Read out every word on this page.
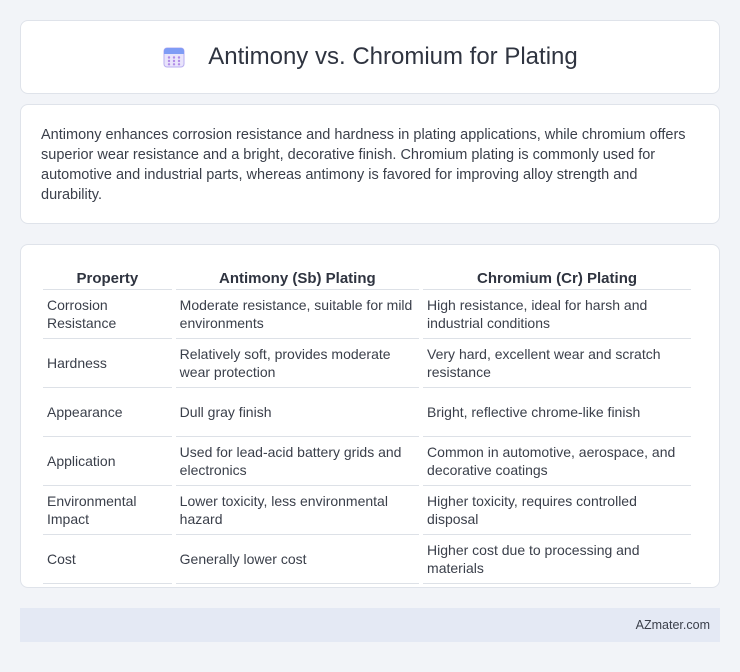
Antimony vs. Chromium for Plating

Antimony enhances corrosion resistance and hardness in plating applications, while chromium offers superior wear resistance and a bright, decorative finish. Chromium plating is commonly used for automotive and industrial parts, whereas antimony is favored for improving alloy strength and durability.

Property	Antimony (Sb) Plating	Chromium (Cr) Plating
Corrosion Resistance	Moderate resistance, suitable for mild environments	High resistance, ideal for harsh and industrial conditions
Hardness	Relatively soft, provides moderate wear protection	Very hard, excellent wear and scratch resistance
Appearance	Dull gray finish	Bright, reflective chrome-like finish
Application	Used for lead-acid battery grids and electronics	Common in automotive, aerospace, and decorative coatings
Environmental Impact	Lower toxicity, less environmental hazard	Higher toxicity, requires controlled disposal
Cost	Generally lower cost	Higher cost due to processing and materials
AZmater.com
